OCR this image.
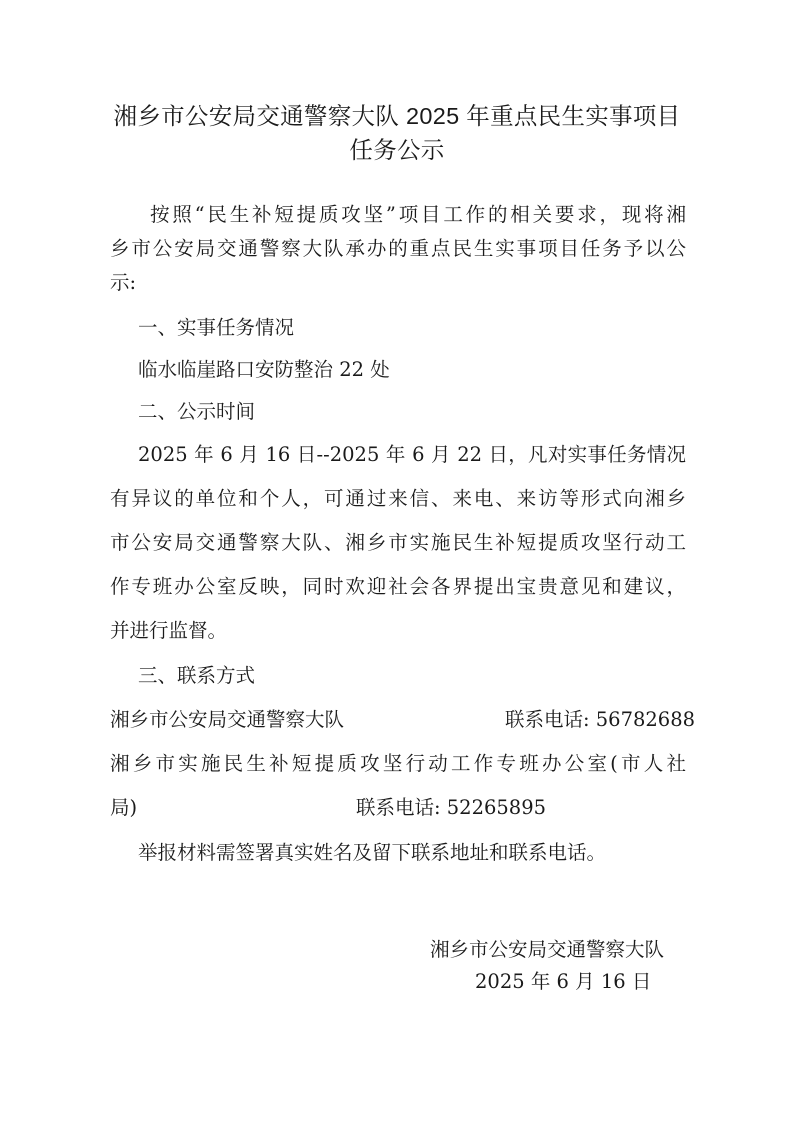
湘乡市公安局交通警察大队 2025 年重点民生实事项目
任务公示
按照“民生补短提质攻坚”项目工作的相关要求，现将湘
乡市公安局交通警察大队承办的重点民生实事项目任务予以公
示:
一、实事任务情况
临水临崖路口安防整治 22 处
二、公示时间
2025 年 6 月 16 日--2025 年 6 月 22 日，凡对实事任务情况
有异议的单位和个人，可通过来信、来电、来访等形式向湘乡
市公安局交通警察大队、湘乡市实施民生补短提质攻坚行动工
作专班办公室反映，同时欢迎社会各界提出宝贵意见和建议，
并进行监督。
三、联系方式
湘乡市公安局交通警察大队	联系电话: 56782688
湘乡市实施民生补短提质攻坚行动工作专班办公室(市人社
局)	联系电话: 52265895
举报材料需签署真实姓名及留下联系地址和联系电话。
湘乡市公安局交通警察大队
2025 年 6 月 16 日
